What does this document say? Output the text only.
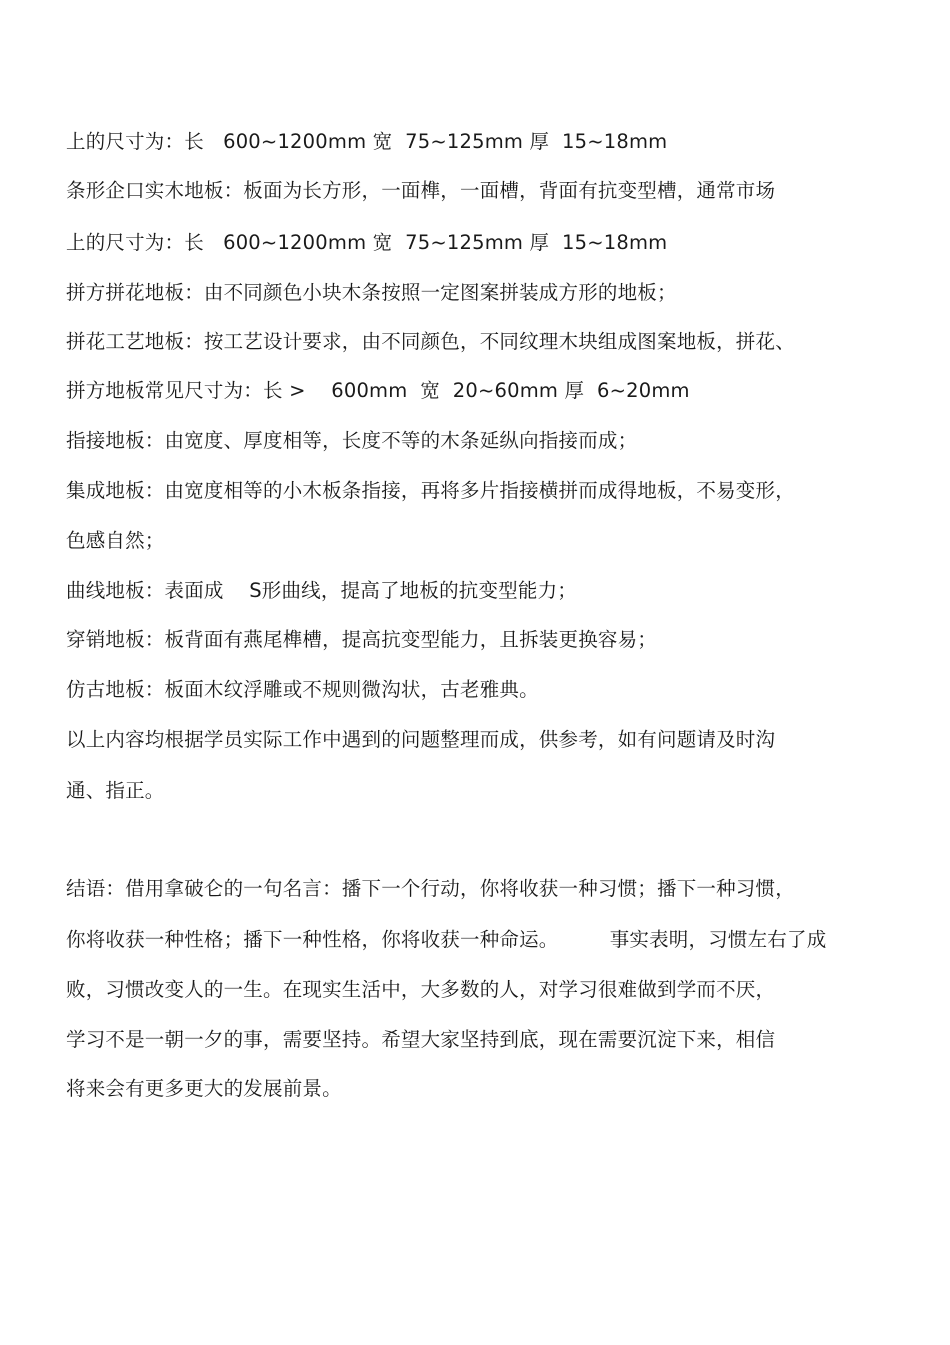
上的尺寸为：长   600~1200mm 宽  75~125mm 厚  15~18mm
条形企口实木地板：板面为长方形，一面榫，一面槽，背面有抗变型槽，通常市场
上的尺寸为：长   600~1200mm 宽  75~125mm 厚  15~18mm
拼方拼花地板：由不同颜色小块木条按照一定图案拼装成方形的地板；
拼花工艺地板：按工艺设计要求，由不同颜色，不同纹理木块组成图案地板，拼花、
拼方地板常见尺寸为：长 >    600mm  宽  20~60mm 厚  6~20mm
指接地板：由宽度、厚度相等，长度不等的木条延纵向指接而成；
集成地板：由宽度相等的小木板条指接，再将多片指接横拼而成得地板，不易变形，
色感自然；
曲线地板：表面成    S形曲线，提高了地板的抗变型能力；
穿销地板：板背面有燕尾榫槽，提高抗变型能力，且拆装更换容易；
仿古地板：板面木纹浮雕或不规则微沟状，古老雅典。
以上内容均根据学员实际工作中遇到的问题整理而成，供参考，如有问题请及时沟
通、指正。
结语：借用拿破仑的一句名言：播下一个行动，你将收获一种习惯；播下一种习惯，
你将收获一种性格；播下一种性格，你将收获一种命运。        事实表明，习惯左右了成
败，习惯改变人的一生。在现实生活中，大多数的人，对学习很难做到学而不厌，
学习不是一朝一夕的事，需要坚持。希望大家坚持到底，现在需要沉淀下来，相信
将来会有更多更大的发展前景。
